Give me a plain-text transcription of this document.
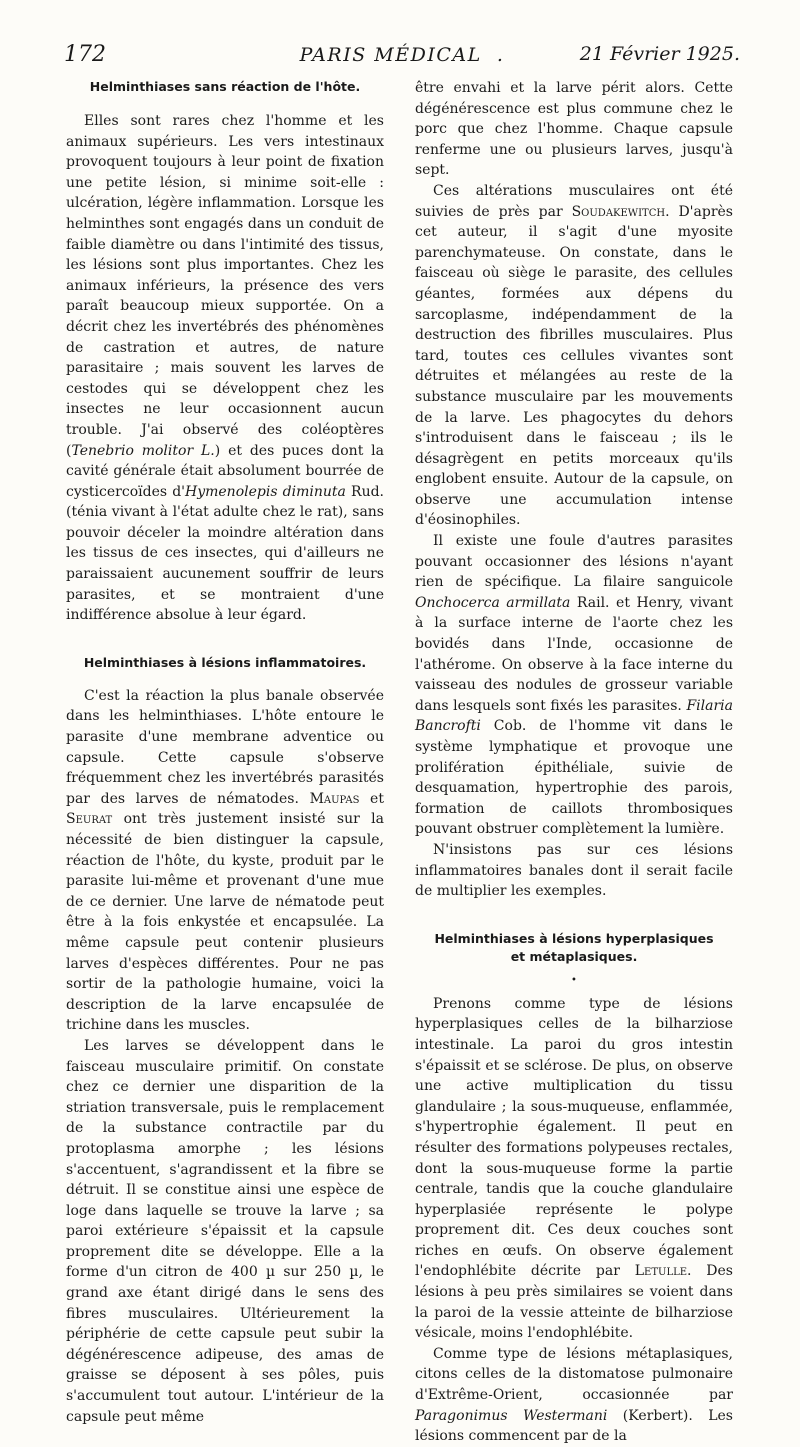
172	PARIS MÉDICAL .	21 Février 1925.
Helminthiases sans réaction de l'hôte.

Elles sont rares chez l'homme et les animaux supérieurs. Les vers intestinaux provoquent toujours à leur point de fixation une petite lésion, si minime soit-elle : ulcération, légère inflammation. Lorsque les helminthes sont engagés dans un conduit de faible diamètre ou dans l'intimité des tissus, les lésions sont plus importantes. Chez les animaux inférieurs, la présence des vers paraît beaucoup mieux supportée. On a décrit chez les invertébrés des phénomènes de castration et autres, de nature parasitaire ; mais souvent les larves de cestodes qui se développent chez les insectes ne leur occasionnent aucun trouble. J'ai observé des coléoptères (Tenebrio molitor L.) et des puces dont la cavité générale était absolument bourrée de cysticercoïdes d'Hymenolepis diminuta Rud. (ténia vivant à l'état adulte chez le rat), sans pouvoir déceler la moindre altération dans les tissus de ces insectes, qui d'ailleurs ne paraissaient aucunement souffrir de leurs parasites, et se montraient d'une indifférence absolue à leur égard.

Helminthiases à lésions inflammatoires.

C'est la réaction la plus banale observée dans les helminthiases. L'hôte entoure le parasite d'une membrane adventice ou capsule. Cette capsule s'observe fréquemment chez les invertébrés parasités par des larves de nématodes. Maupas et Seurat ont très justement insisté sur la nécessité de bien distinguer la capsule, réaction de l'hôte, du kyste, produit par le parasite lui-même et provenant d'une mue de ce dernier. Une larve de nématode peut être à la fois enkystée et encapsulée. La même capsule peut contenir plusieurs larves d'espèces différentes. Pour ne pas sortir de la pathologie humaine, voici la description de la larve encapsulée de trichine dans les muscles.

Les larves se développent dans le faisceau musculaire primitif. On constate chez ce dernier une disparition de la striation transversale, puis le remplacement de la substance contractile par du protoplasma amorphe ; les lésions s'accentuent, s'agrandissent et la fibre se détruit. Il se constitue ainsi une espèce de loge dans laquelle se trouve la larve ; sa paroi extérieure s'épaissit et la capsule proprement dite se développe. Elle a la forme d'un citron de 400 µ sur 250 µ, le grand axe étant dirigé dans le sens des fibres musculaires. Ultérieurement la périphérie de cette capsule peut subir la dégénérescence adipeuse, des amas de graisse se déposent à ses pôles, puis s'accumulent tout autour. L'intérieur de la capsule peut même

être envahi et la larve périt alors. Cette dégénérescence est plus commune chez le porc que chez l'homme. Chaque capsule renferme une ou plusieurs larves, jusqu'à sept.

Ces altérations musculaires ont été suivies de près par Soudakewitch. D'après cet auteur, il s'agit d'une myosite parenchymateuse. On constate, dans le faisceau où siège le parasite, des cellules géantes, formées aux dépens du sarcoplasme, indépendamment de la destruction des fibrilles musculaires. Plus tard, toutes ces cellules vivantes sont détruites et mélangées au reste de la substance musculaire par les mouvements de la larve. Les phagocytes du dehors s'introduisent dans le faisceau ; ils le désagrègent en petits morceaux qu'ils englobent ensuite. Autour de la capsule, on observe une accumulation intense d'éosinophiles.

Il existe une foule d'autres parasites pouvant occasionner des lésions n'ayant rien de spécifique. La filaire sanguicole Onchocerca armillata Rail. et Henry, vivant à la surface interne de l'aorte chez les bovidés dans l'Inde, occasionne de l'athérome. On observe à la face interne du vaisseau des nodules de grosseur variable dans lesquels sont fixés les parasites. Filaria Bancrofti Cob. de l'homme vit dans le système lymphatique et provoque une prolifération épithéliale, suivie de desquamation, hypertrophie des parois, formation de caillots thrombosiques pouvant obstruer complètement la lumière.

N'insistons pas sur ces lésions inflammatoires banales dont il serait facile de multiplier les exemples.

Helminthiases à lésions hyperplasiques
et métaplasiques.
•

Prenons comme type de lésions hyperplasiques celles de la bilharziose intestinale. La paroi du gros intestin s'épaissit et se sclérose. De plus, on observe une active multiplication du tissu glandulaire ; la sous-muqueuse, enflammée, s'hypertrophie également. Il peut en résulter des formations polypeuses rectales, dont la sous-muqueuse forme la partie centrale, tandis que la couche glandulaire hyperplasiée représente le polype proprement dit. Ces deux couches sont riches en œufs. On observe également l'endophlébite décrite par Letulle. Des lésions à peu près similaires se voient dans la paroi de la vessie atteinte de bilharziose vésicale, moins l'endophlébite.

Comme type de lésions métaplasiques, citons celles de la distomatose pulmonaire d'Extrême-Orient, occasionnée par Paragonimus Westermani (Kerbert). Les lésions commencent par de la
